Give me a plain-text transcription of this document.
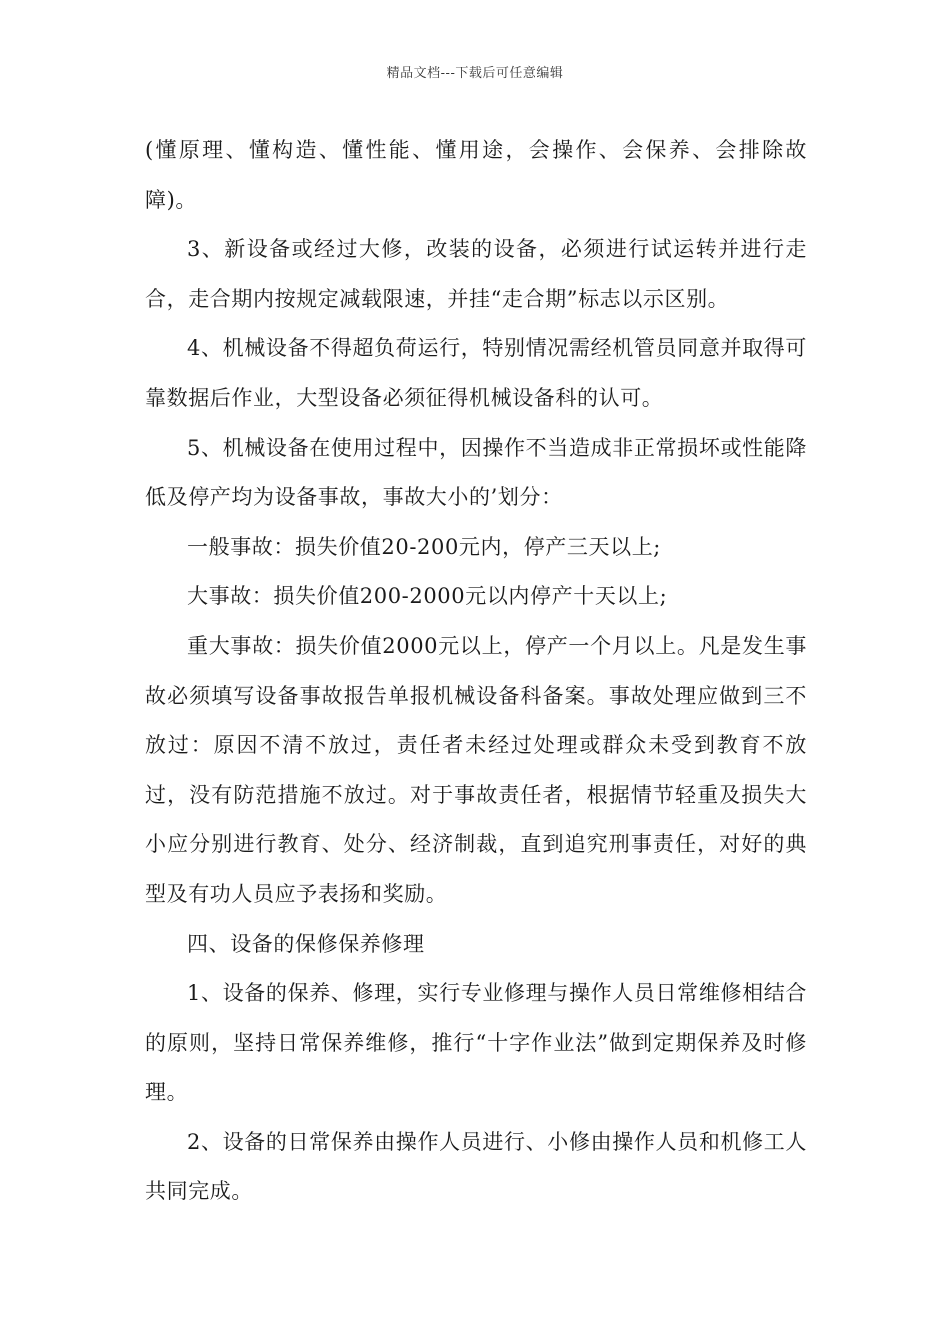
精品文档---下载后可任意编辑

(懂原理、懂构造、懂性能、懂用途，会操作、会保养、会排除故障)。

3、新设备或经过大修，改装的设备，必须进行试运转并进行走合，走合期内按规定减载限速，并挂“走合期”标志以示区别。

4、机械设备不得超负荷运行，特别情况需经机管员同意并取得可靠数据后作业，大型设备必须征得机械设备科的认可。

5、机械设备在使用过程中，因操作不当造成非正常损坏或性能降低及停产均为设备事故，事故大小的’划分：

一般事故：损失价值20-200元内，停产三天以上;

大事故：损失价值200-2000元以内停产十天以上;

重大事故：损失价值2000元以上，停产一个月以上。凡是发生事故必须填写设备事故报告单报机械设备科备案。事故处理应做到三不放过：原因不清不放过，责任者未经过处理或群众未受到教育不放过，没有防范措施不放过。对于事故责任者，根据情节轻重及损失大小应分别进行教育、处分、经济制裁，直到追究刑事责任，对好的典型及有功人员应予表扬和奖励。

四、设备的保修保养修理

1、设备的保养、修理，实行专业修理与操作人员日常维修相结合的原则，坚持日常保养维修，推行“十字作业法”做到定期保养及时修理。

2、设备的日常保养由操作人员进行、小修由操作人员和机修工人共同完成。
